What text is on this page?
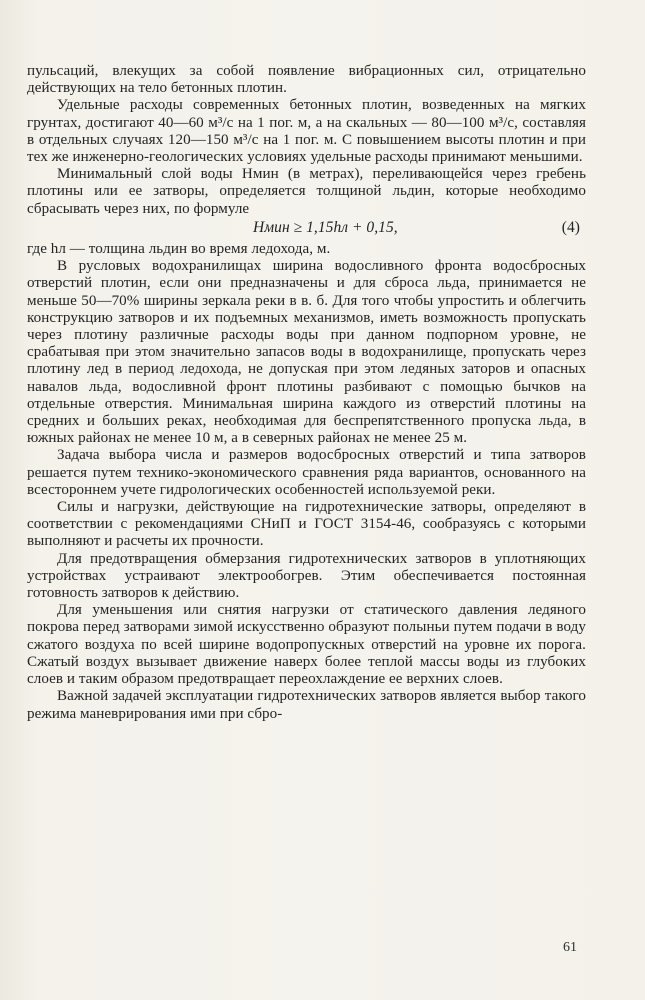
пульсаций, влекущих за собой появление вибрационных сил, отрицательно действующих на тело бетонных плотин.

Удельные расходы современных бетонных плотин, возведенных на мягких грунтах, достигают 40—60 м³/с на 1 пог. м, а на скальных — 80—100 м³/с, составляя в отдельных случаях 120—150 м³/с на 1 пог. м. С повышением высоты плотин и при тех же инженерно-геологических условиях удельные расходы принимают меньшими.

Минимальный слой воды Hмин (в метрах), переливающейся через гребень плотины или ее затворы, определяется толщиной льдин, которые необходимо сбрасывать через них, по формуле

Hмин ≥ 1,15hл + 0,15,	(4)

где hл — толщина льдин во время ледохода, м.

В русловых водохранилищах ширина водосливного фронта водосбросных отверстий плотин, если они предназначены и для сброса льда, принимается не меньше 50—70% ширины зеркала реки в в. б. Для того чтобы упростить и облегчить конструкцию затворов и их подъемных механизмов, иметь возможность пропускать через плотину различные расходы воды при данном подпорном уровне, не срабатывая при этом значительно запасов воды в водохранилище, пропускать через плотину лед в период ледохода, не допуская при этом ледяных заторов и опасных навалов льда, водосливной фронт плотины разбивают с помощью бычков на отдельные отверстия. Минимальная ширина каждого из отверстий плотины на средних и больших реках, необходимая для беспрепятственного пропуска льда, в южных районах не менее 10 м, а в северных районах не менее 25 м.

Задача выбора числа и размеров водосбросных отверстий и типа затворов решается путем технико-экономического сравнения ряда вариантов, основанного на всестороннем учете гидрологических особенностей используемой реки.

Силы и нагрузки, действующие на гидротехнические затворы, определяют в соответствии с рекомендациями СНиП и ГОСТ 3154-46, сообразуясь с которыми выполняют и расчеты их прочности.

Для предотвращения обмерзания гидротехнических затворов в уплотняющих устройствах устраивают электрообогрев. Этим обеспечивается постоянная готовность затворов к действию.

Для уменьшения или снятия нагрузки от статического давления ледяного покрова перед затворами зимой искусственно образуют полыньи путем подачи в воду сжатого воздуха по всей ширине водопропускных отверстий на уровне их порога. Сжатый воздух вызывает движение наверх более теплой массы воды из глубоких слоев и таким образом предотвращает переохлаждение ее верхних слоев.

Важной задачей эксплуатации гидротехнических затворов является выбор такого режима маневрирования ими при сбро-

61
